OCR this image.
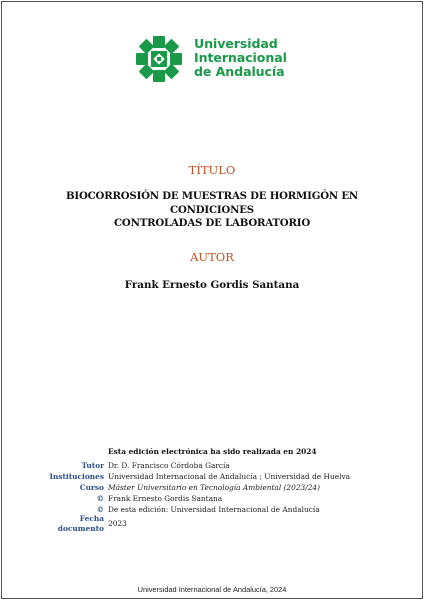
Universidad
Internacional
de Andalucía
TÍTULO
BIOCORROSIÓN DE MUESTRAS DE HORMIGÓN EN CONDICIONES
CONTROLADAS DE LABORATORIO
AUTOR
Frank Ernesto Gordis Santana
Esta edición electrónica ha sido realizada en 2024
Tutor Dr. D. Francisco Córdoba García
Instituciones Universidad Internacional de Andalucía ; Universidad de Huelva
Curso Máster Universitario en Tecnología Ambiental (2023/24)
© Frank Ernesto Gordis Santana
© De esta edición: Universidad Internacional de Andalucía
Fecha documento
2023
Universidad Internacional de Andalucía, 2024
